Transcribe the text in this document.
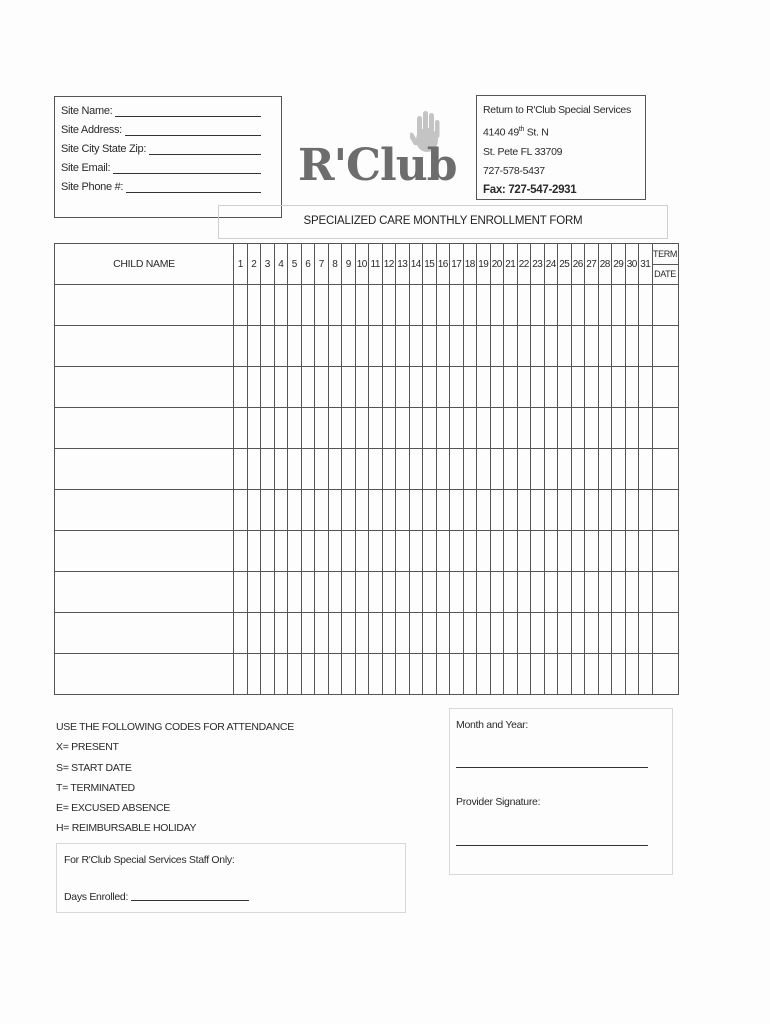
Site Name:
Site Address:
Site City State Zip:
Site Email:
Site Phone #:	R'Club
Return to R'Club Special Services
4140 49th St. N
St. Pete FL 33709
727-578-5437
Fax: 727-547-2931
SPECIALIZED CARE MONTHLY ENROLLMENT FORM
CHILD NAME	1	2	3	4	5	6	7	8	9	10	11	12	13	14	15	16	17	18	19	20	21	22	23	24	25	26	27	28	29	30	31	TERM
DATE

USE THE FOLLOWING CODES FOR ATTENDANCE
X= PRESENT
S= START DATE
T= TERMINATED
E= EXCUSED ABSENCE
H= REIMBURSABLE HOLIDAY
Month and Year:
Provider Signature:
For R'Club Special Services Staff Only:
Days Enrolled:
